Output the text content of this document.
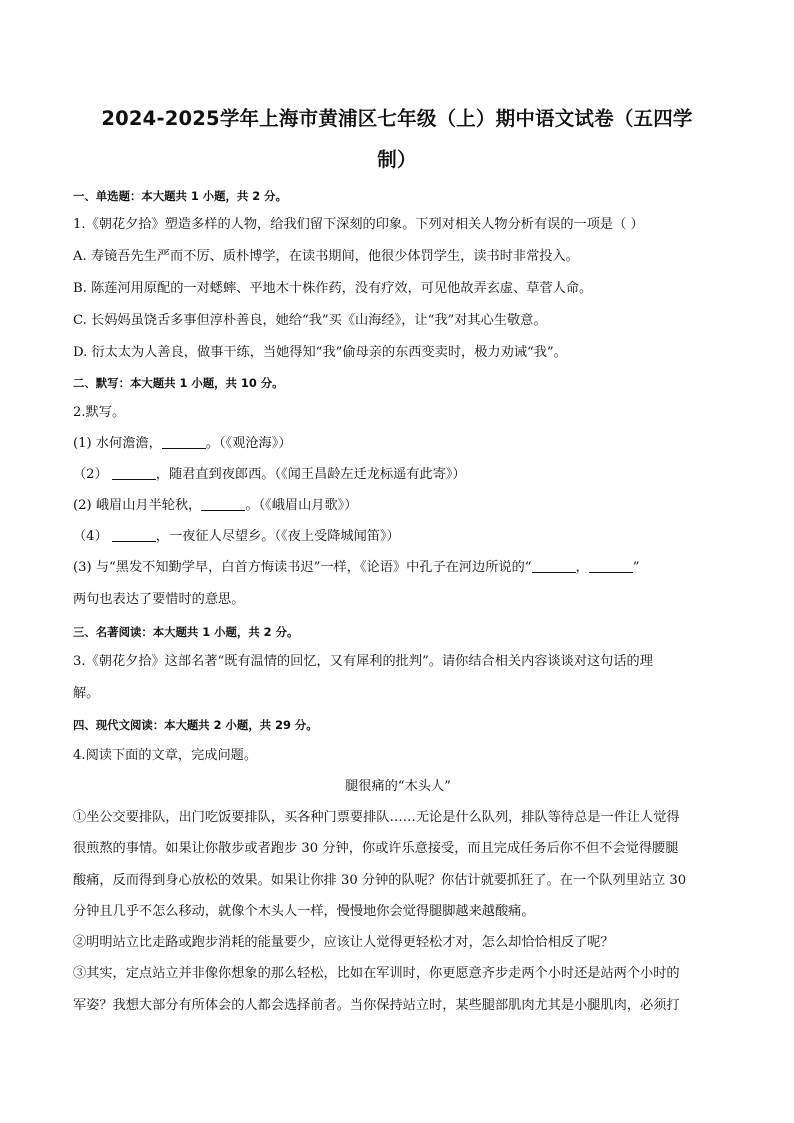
2024-2025学年上海市黄浦区七年级（上）期中语文试卷（五四学
制）
一、单选题：本大题共 1 小题，共 2 分。
1.《朝花夕拾》塑造多样的人物，给我们留下深刻的印象。下列对相关人物分析有误的一项是（ ）
A. 寿镜吾先生严而不厉、质朴博学，在读书期间，他很少体罚学生，读书时非常投入。
B. 陈莲河用原配的一对蟋蟀、平地木十株作药，没有疗效，可见他故弄玄虚、草菅人命。
C. 长妈妈虽饶舌多事但淳朴善良，她给“我”买《山海经》，让“我”对其心生敬意。
D. 衍太太为人善良，做事干练，当她得知“我”偷母亲的东西变卖时，极力劝诫“我”。
二、默写：本大题共 1 小题，共 10 分。
2.默写。
(1) 水何澹澹，	。（《观沧海》）
（2）	，随君直到夜郎西。（《闻王昌龄左迁龙标遥有此寄》）
(2) 峨眉山月半轮秋，	。（《峨眉山月歌》）
（4）	，一夜征人尽望乡。（《夜上受降城闻笛》）
(3) 与“黑发不知勤学早，白首方悔读书迟”一样，《论语》中孔子在河边所说的“	，	”
两句也表达了要惜时的意思。
三、名著阅读：本大题共 1 小题，共 2 分。
3.《朝花夕拾》这部名著“既有温情的回忆，又有犀利的批判”。请你结合相关内容谈谈对这句话的理
解。
四、现代文阅读：本大题共 2 小题，共 29 分。
4.阅读下面的文章，完成问题。
腿很痛的“木头人”
①坐公交要排队，出门吃饭要排队，买各种门票要排队……无论是什么队列，排队等待总是一件让人觉得
很煎熬的事情。如果让你散步或者跑步 30 分钟，你或许乐意接受，而且完成任务后你不但不会觉得腰腿
酸痛，反而得到身心放松的效果。如果让你排 30 分钟的队呢？你估计就要抓狂了。在一个队列里站立 30
分钟且几乎不怎么移动，就像个木头人一样，慢慢地你会觉得腿脚越来越酸痛。
②明明站立比走路或跑步消耗的能量要少，应该让人觉得更轻松才对，怎么却恰恰相反了呢？
③其实，定点站立并非像你想象的那么轻松，比如在军训时，你更愿意齐步走两个小时还是站两个小时的
军姿？我想大部分有所体会的人都会选择前者。当你保持站立时，某些腿部肌肉尤其是小腿肌肉，必须打
